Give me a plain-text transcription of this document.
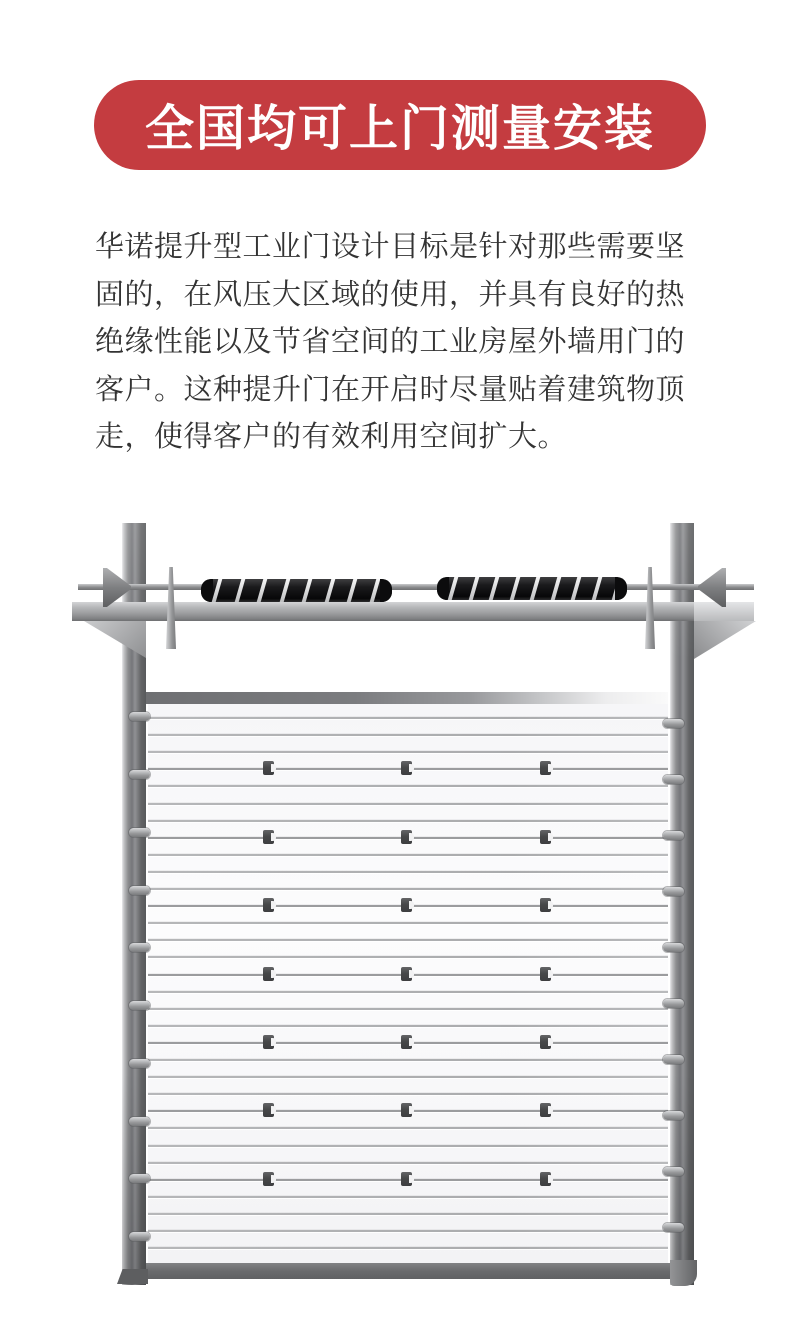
全国均可上门测量安装
华诺提升型工业门设计目标是针对那些需要坚
固的，在风压大区域的使用，并具有良好的热
绝缘性能以及节省空间的工业房屋外墙用门的
客户。这种提升门在开启时尽量贴着建筑物顶
走，使得客户的有效利用空间扩大。
